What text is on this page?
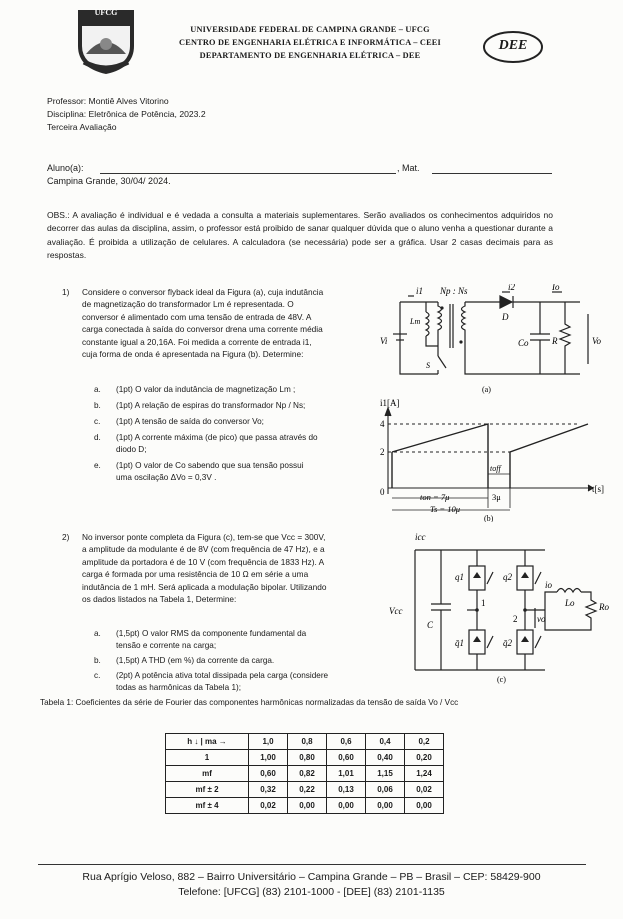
UFCG
UNIVERSIDADE FEDERAL DE CAMPINA GRANDE – UFCG
CENTRO DE ENGENHARIA ELÉTRICA E INFORMÁTICA – CEEI
DEPARTAMENTO DE ENGENHARIA ELÉTRICA – DEE
DEE
Professor: Montiê Alves Vitorino
Disciplina: Eletrônica de Potência, 2023.2
Terceira Avaliação
Aluno(a):	, Mat.
Campina Grande, 30/04/ 2024.
OBS.: A avaliação é individual e é vedada a consulta a materiais suplementares. Serão avaliados os conhecimentos adquiridos no decorrer das aulas da disciplina, assim, o professor está proibido de sanar qualquer dúvida que o aluno venha a questionar durante a avaliação. É proibida a utilização de celulares. A calculadora (se necessária) pode ser a gráfica. Usar 2 casas decimais para as respostas.
1) Considere o conversor flyback ideal da Figura (a), cuja indutância
de magnetização do transformador Lm é representada. O
conversor é alimentado com uma tensão de entrada de 48V. A
carga conectada à saída do conversor drena uma corrente média
constante igual a 20,16A. Foi medida a corrente de entrada i1,
cuja forma de onda é apresentada na Figura (b). Determine:
a.	(1pt) O valor da indutância de magnetização Lm ;
b.	(1pt) A relação de espiras do transformador Np / Ns;
c.	(1pt) A tensão de saída do conversor Vo;
d.	(1pt) A corrente máxima (de pico) que passa através do
diodo D;
e.	(1pt) O valor de Co sabendo que sua tensão possui
uma oscilação ΔVo = 0,3V .
i1 Np : Ns	i2	Io
Lm	D
Vi	Co	R	Vo
S
(a)
i1[A]
t[s]
4
2
0	ton = 7μ	3μ
Ts = 10μ
toff
(b)
2) No inversor ponte completa da Figura (c), tem-se que Vcc = 300V,
a amplitude da modulante é de 8V (com frequência de 47 Hz), e a
amplitude da portadora é de 10 V (com frequência de 1833 Hz). A
carga é formada por uma resistência de 10 Ω em série a uma
indutância de 1 mH. Será aplicada a modulação bipolar. Utilizando
os dados listados na Tabela 1, Determine:
a.	(1,5pt) O valor RMS da componente fundamental da
tensão e corrente na carga;
b.	(1,5pt) A THD (em %) da corrente da carga.
c.	(2pt) A potência ativa total dissipada pela carga (considere
todas as harmônicas da Tabela 1);
icc
Vcc
C
q1	q2
q̄1	q̄2
1
2
io
vo
Lo	Ro
(c)
Tabela 1: Coeficientes da série de Fourier das componentes harmônicas normalizadas da tensão de saída Vo / Vcc
h ↓ | ma →	1,0	0,8	0,6	0,4	0,2
1	1,00	0,80	0,60	0,40	0,20
mf	0,60	0,82	1,01	1,15	1,24
mf ± 2	0,32	0,22	0,13	0,06	0,02
mf ± 4	0,02	0,00	0,00	0,00	0,00
Rua Aprígio Veloso, 882 – Bairro Universitário – Campina Grande – PB – Brasil – CEP: 58429-900
Telefone: [UFCG] (83) 2101-1000 - [DEE] (83) 2101-1135
